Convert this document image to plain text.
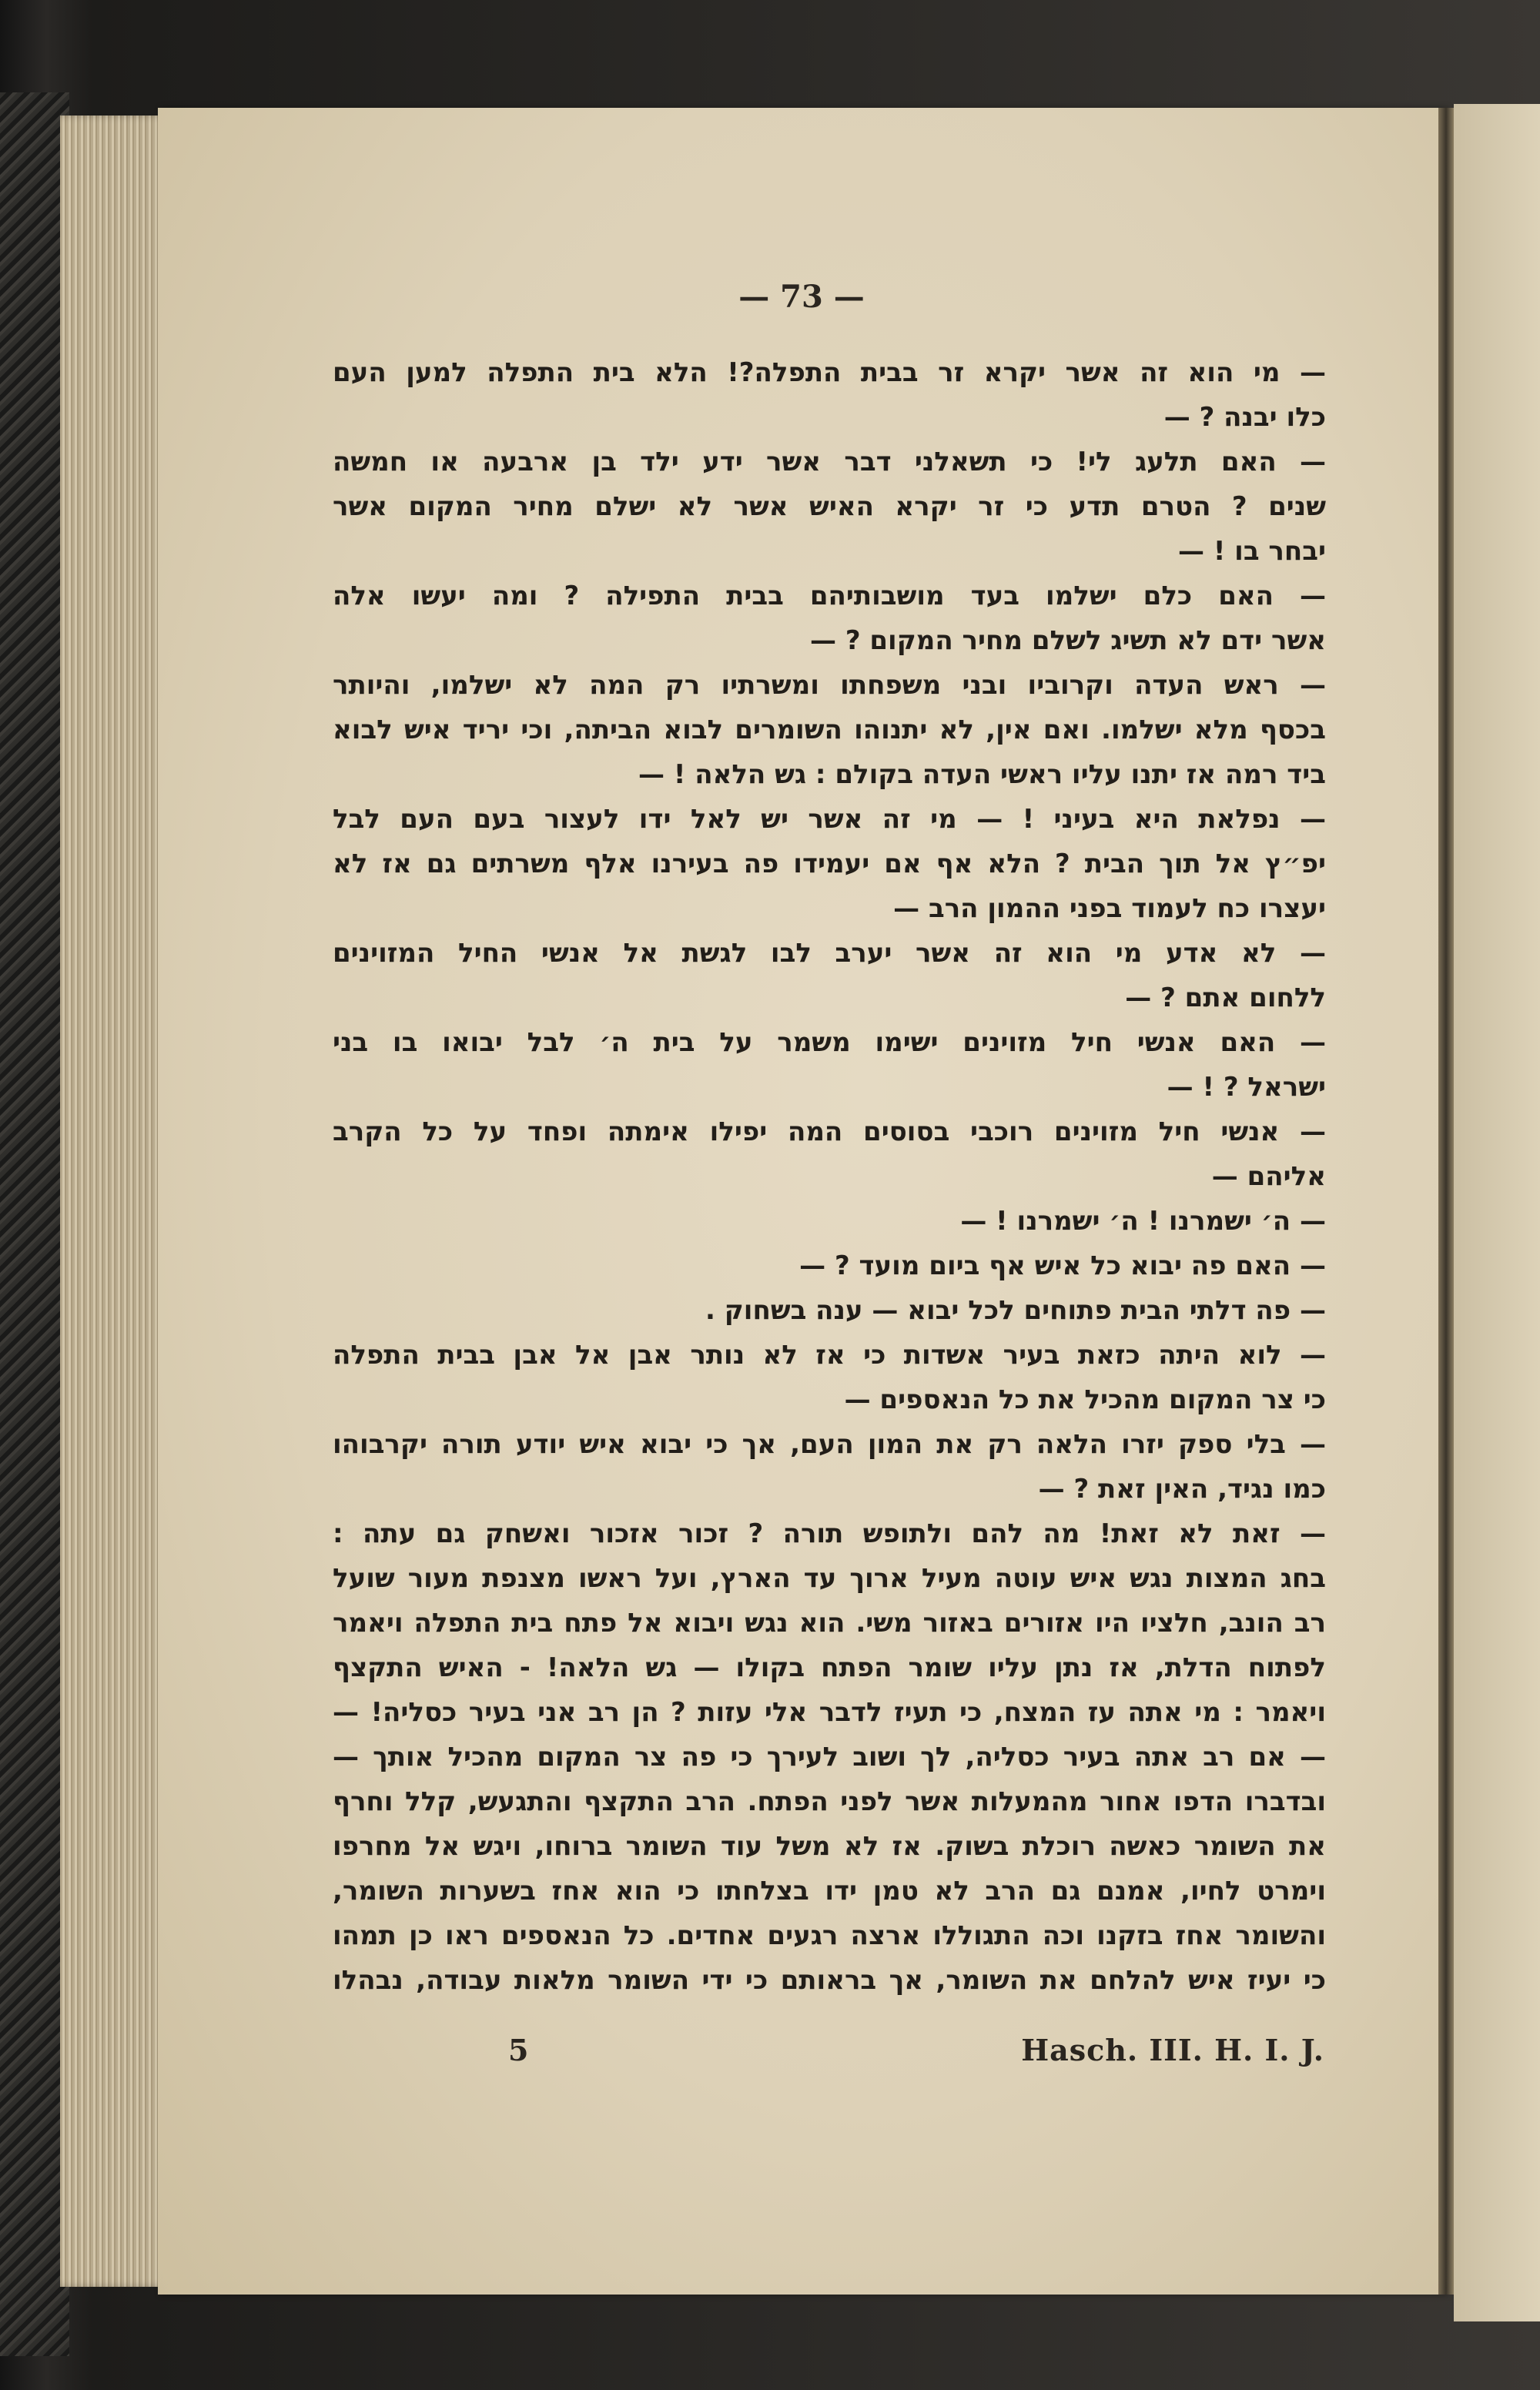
— 73 —
— מי הוא זה אשר יקרא זר בבית התפלה?! הלא בית התפלה למען העם
כלו יבנה ? —
— האם תלעג לי! כי תשאלני דבר אשר ידע ילד בן ארבעה או חמשה
שנים ? הטרם תדע כי זר יקרא האיש אשר לא ישלם מחיר המקום אשר
יבחר בו ! —
— האם כלם ישלמו בעד מושבותיהם בבית התפילה ? ומה יעשו אלה
אשר ידם לא תשיג לשלם מחיר המקום ? —
— ראש העדה וקרוביו ובני משפחתו ומשרתיו רק המה לא ישלמו, והיותר
בכסף מלא ישלמו. ואם אין, לא יתנוהו השומרים לבוא הביתה, וכי יריד איש לבוא
ביד רמה אז יתנו עליו ראשי העדה בקולם : גש הלאה ! —
— נפלאת היא בעיני ! — מי זה אשר יש לאל ידו לעצור בעם העם לבל
יפ״ץ אל תוך הבית ? הלא אף אם יעמידו פה בעירנו אלף משרתים גם אז לא
יעצרו כח לעמוד בפני ההמון הרב —
— לא אדע מי הוא זה אשר יערב לבו לגשת אל אנשי החיל המזוינים
ללחום אתם ? —
— האם אנשי חיל מזוינים ישימו משמר על בית ה׳ לבל יבואו בו בני
ישראל ? ! —
— אנשי חיל מזוינים רוכבי בסוסים המה יפילו אימתה ופחד על כל הקרב
אליהם —
— ה׳ ישמרנו ! ה׳ ישמרנו ! —
— האם פה יבוא כל איש אף ביום מועד ? —
— פה דלתי הבית פתוחים לכל יבוא — ענה בשחוק .
— לוא היתה כזאת בעיר אשדות כי אז לא נותר אבן אל אבן בבית התפלה
כי צר המקום מהכיל את כל הנאספים —
— בלי ספק יזרו הלאה רק את המון העם, אך כי יבוא איש יודע תורה יקרבוהו
כמו נגיד, האין זאת ? —
— זאת לא זאת! מה להם ולתופש תורה ? זכור אזכור ואשחק גם עתה :
בחג המצות נגש איש עוטה מעיל ארוך עד הארץ, ועל ראשו מצנפת מעור שועל
רב הונב, חלציו היו אזורים באזור משי. הוא נגש ויבוא אל פתח בית התפלה ויאמר
לפתוח הדלת, אז נתן עליו שומר הפתח בקולו — גש הלאה! - האיש התקצף
ויאמר : מי אתה עז המצח, כי תעיז לדבר אלי עזות ? הן רב אני בעיר כסליה! —
— אם רב אתה בעיר כסליה, לך ושוב לעירך כי פה צר המקום מהכיל אותך —
ובדברו הדפו אחור מהמעלות אשר לפני הפתח. הרב התקצף והתגעש, קלל וחרף
את השומר כאשה רוכלת בשוק. אז לא משל עוד השומר ברוחו, ויגש אל מחרפו
וימרט לחיו, אמנם גם הרב לא טמן ידו בצלחתו כי הוא אחז בשערות השומר,
והשומר אחז בזקנו וכה התגוללו ארצה רגעים אחדים. כל הנאספים ראו כן תמהו
כי יעיז איש להלחם את השומר, אך בראותם כי ידי השומר מלאות עבודה, נבהלו
5	Hasch. III. H. I. J.
